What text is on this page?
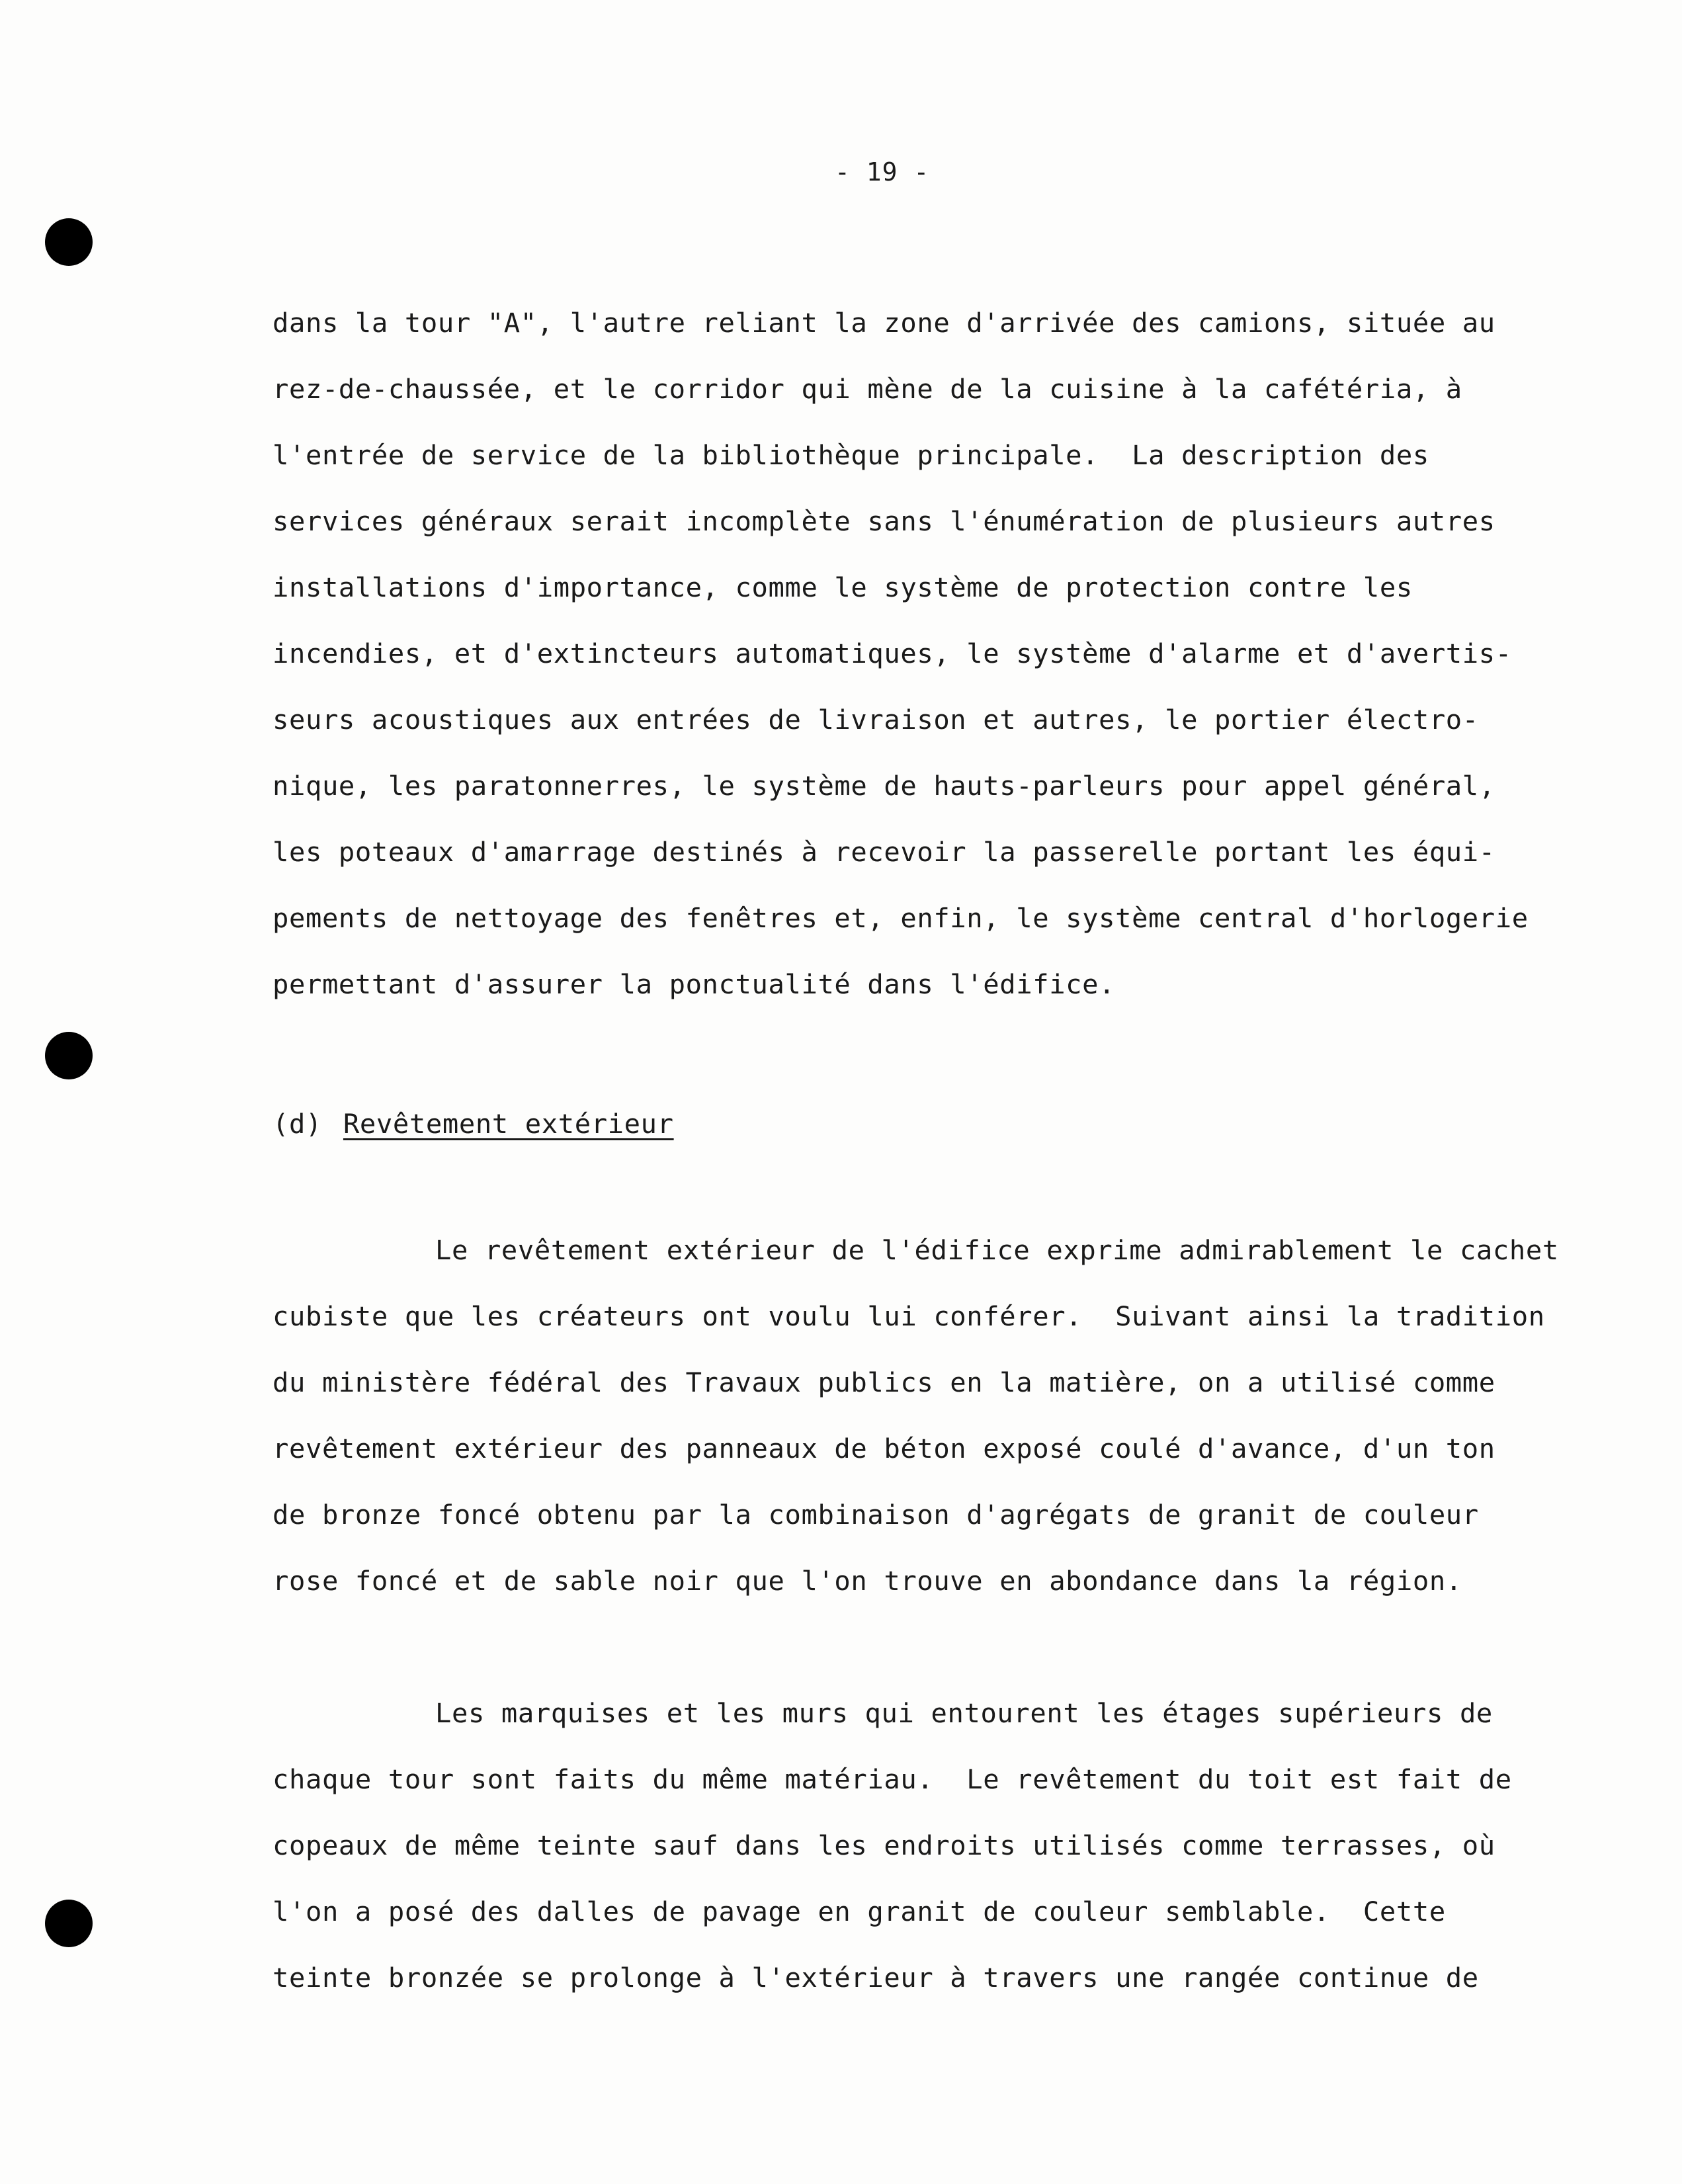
- 19 -
dans la tour "A", l'autre reliant la zone d'arrivée des camions, située au
rez-de-chaussée, et le corridor qui mène de la cuisine à la cafétéria, à
l'entrée de service de la bibliothèque principale.  La description des
services généraux serait incomplète sans l'énumération de plusieurs autres
installations d'importance, comme le système de protection contre les
incendies, et d'extincteurs automatiques, le système d'alarme et d'avertis-
seurs acoustiques aux entrées de livraison et autres, le portier électro-
nique, les paratonnerres, le système de hauts-parleurs pour appel général,
les poteaux d'amarrage destinés à recevoir la passerelle portant les équi-
pements de nettoyage des fenêtres et, enfin, le système central d'horlogerie
permettant d'assurer la ponctualité dans l'édifice.
(d) Revêtement extérieur
Le revêtement extérieur de l'édifice exprime admirablement le cachet
cubiste que les créateurs ont voulu lui conférer.  Suivant ainsi la tradition
du ministère fédéral des Travaux publics en la matière, on a utilisé comme
revêtement extérieur des panneaux de béton exposé coulé d'avance, d'un ton
de bronze foncé obtenu par la combinaison d'agrégats de granit de couleur
rose foncé et de sable noir que l'on trouve en abondance dans la région.
Les marquises et les murs qui entourent les étages supérieurs de
chaque tour sont faits du même matériau.  Le revêtement du toit est fait de
copeaux de même teinte sauf dans les endroits utilisés comme terrasses, où
l'on a posé des dalles de pavage en granit de couleur semblable.  Cette
teinte bronzée se prolonge à l'extérieur à travers une rangée continue de
